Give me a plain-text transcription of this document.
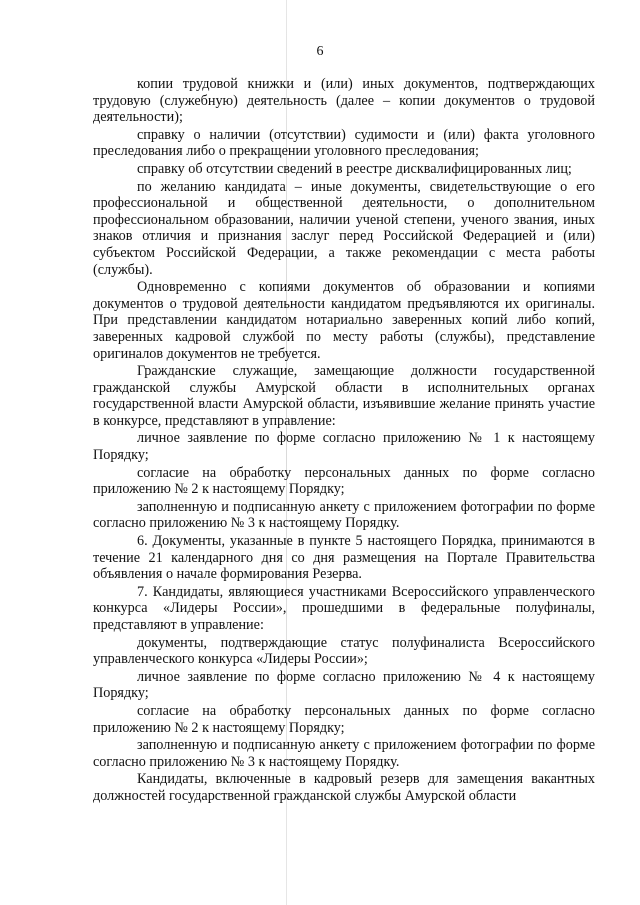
6

копии трудовой книжки и (или) иных документов, подтверждающих трудовую (служебную) деятельность (далее – копии документов о трудовой деятельности);

справку о наличии (отсутствии) судимости и (или) факта уголовного преследования либо о прекращении уголовного преследования;

справку об отсутствии сведений в реестре дисквалифицированных лиц;

по желанию кандидата – иные документы, свидетельствующие о его профессиональной и общественной деятельности, о дополнительном профессиональном образовании, наличии ученой степени, ученого звания, иных знаков отличия и признания заслуг перед Российской Федерацией и (или) субъектом Российской Федерации, а также рекомендации с места работы (службы).

Одновременно с копиями документов об образовании и копиями документов о трудовой деятельности кандидатом предъявляются их оригиналы. При представлении кандидатом нотариально заверенных копий либо копий, заверенных кадровой службой по месту работы (службы), представление оригиналов документов не требуется.

Гражданские служащие, замещающие должности государственной гражданской службы Амурской области в исполнительных органах государственной власти Амурской области, изъявившие желание принять участие в конкурсе, представляют в управление:

личное заявление по форме согласно приложению № 1 к настоящему Порядку;

согласие на обработку персональных данных по форме согласно приложению № 2 к настоящему Порядку;

заполненную и подписанную анкету с приложением фотографии по форме согласно приложению № 3 к настоящему Порядку.

6. Документы, указанные в пункте 5 настоящего Порядка, принимаются в течение 21 календарного дня со дня размещения на Портале Правительства объявления о начале формирования Резерва.

7. Кандидаты, являющиеся участниками Всероссийского управленческого конкурса «Лидеры России», прошедшими в федеральные полуфиналы, представляют в управление:

документы, подтверждающие статус полуфиналиста Всероссийского управленческого конкурса «Лидеры России»;

личное заявление по форме согласно приложению № 4 к настоящему Порядку;

согласие на обработку персональных данных по форме согласно приложению № 2 к настоящему Порядку;

заполненную и подписанную анкету с приложением фотографии по форме согласно приложению № 3 к настоящему Порядку.

Кандидаты, включенные в кадровый резерв для замещения вакантных должностей государственной гражданской службы Амурской области
